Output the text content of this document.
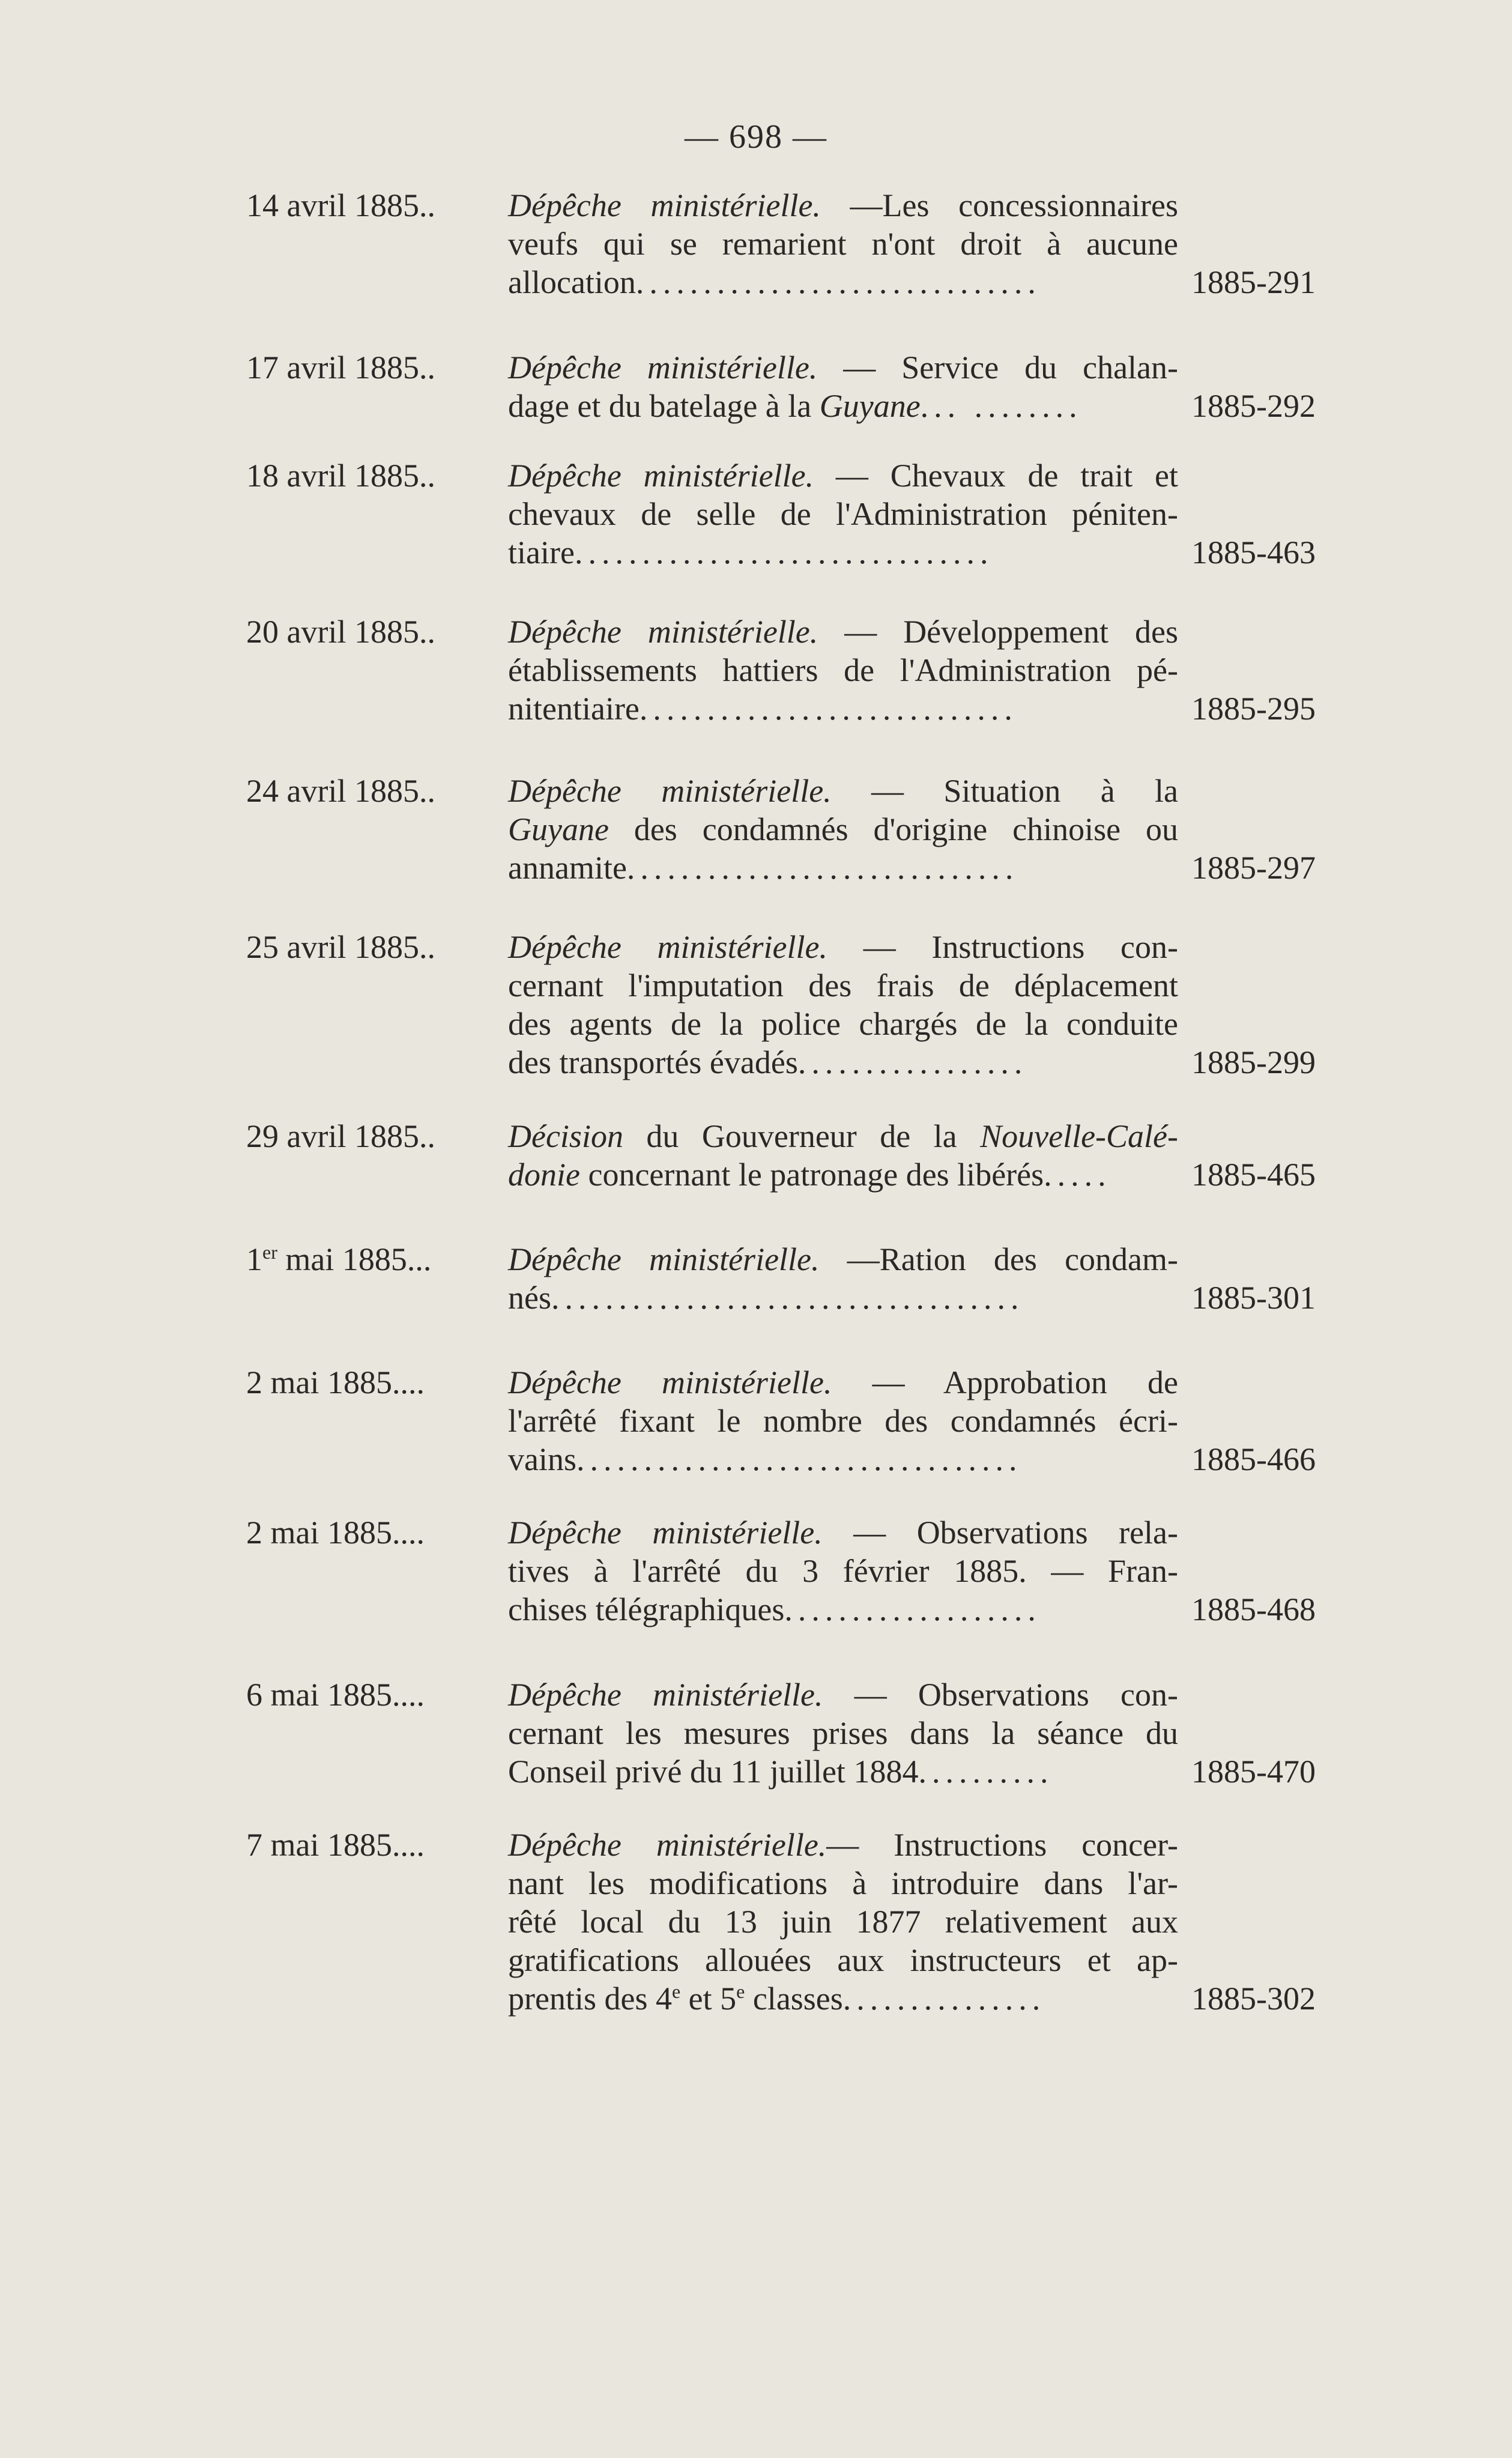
— 698 —
14 avril 1885.. Dépêche ministérielle. —Les concessionnaires
veufs qui se remarient n'ont droit à aucune
allocation..............................	1885-291
17 avril 1885.. Dépêche ministérielle. — Service du chalan-
dage et du batelage à la Guyane... ........	1885-292
18 avril 1885.. Dépêche ministérielle. — Chevaux de trait et
chevaux de selle de l'Administration péniten-
tiaire...............................	1885-463
20 avril 1885.. Dépêche ministérielle. — Développement des
établissements hattiers de l'Administration pé-
nitentiaire............................	1885-295
24 avril 1885.. Dépêche ministérielle. — Situation à la
Guyane des condamnés d'origine chinoise ou
annamite.............................	1885-297
25 avril 1885.. Dépêche ministérielle. — Instructions con-
cernant l'imputation des frais de déplacement
des agents de la police chargés de la conduite
des transportés évadés.................	1885-299
29 avril 1885.. Décision du Gouverneur de la Nouvelle-Calé-
donie concernant le patronage des libérés.....	1885-465
1er mai 1885... Dépêche ministérielle. —Ration des condam-
nés...................................	1885-301
2 mai 1885....	Dépêche ministérielle. — Approbation de
l'arrêté fixant le nombre des condamnés écri-
vains.................................	1885-466
2 mai 1885....	Dépêche ministérielle. — Observations rela-
tives à l'arrêté du 3 février 1885. — Fran-
chises télégraphiques...................	1885-468
6 mai 1885....	Dépêche ministérielle. — Observations con-
cernant les mesures prises dans la séance du
Conseil privé du 11 juillet 1884..........	1885-470
7 mai 1885....	Dépêche ministérielle.— Instructions concer-
nant les modifications à introduire dans l'ar-
rêté local du 13 juin 1877 relativement aux
gratifications allouées aux instructeurs et ap-
prentis des 4e et 5e classes...............	1885-302
